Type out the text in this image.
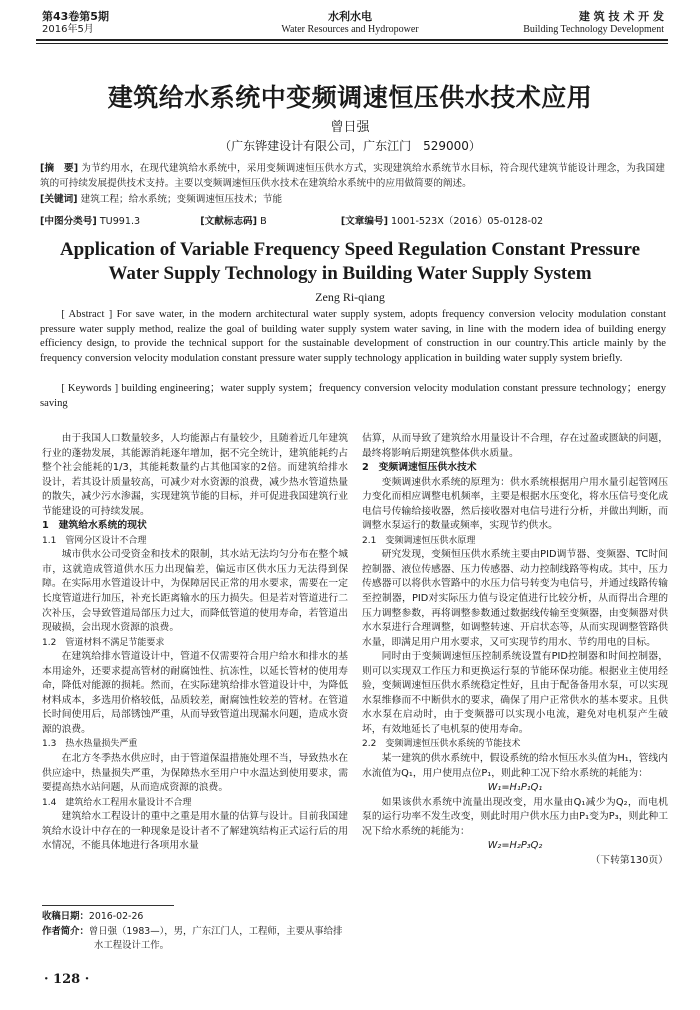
第43卷第5期
2016年5月
水利水电
Water Resources and Hydropower
建 筑 技 术 开 发
Building Technology Development
建筑给水系统中变频调速恒压供水技术应用
曾日强
（广东铧建设计有限公司，广东江门　529000）
[摘　要] 为节约用水，在现代建筑给水系统中，采用变频调速恒压供水方式，实现建筑给水系统节水目标，符合现代建筑节能设计理念，为我国建筑的可持续发展提供技术支持。主要以变频调速恒压供水技术在建筑给水系统中的应用做简要的阐述。
[关键词] 建筑工程；给水系统；变频调速恒压技术；节能
[中图分类号] TU991.3	[文献标志码] B	[文章编号] 1001-523X（2016）05-0128-02
Application of Variable Frequency Speed Regulation Constant Pressure Water Supply Technology in Building Water Supply System
Zeng Ri-qiang
[ Abstract ] For save water, in the modern architectural water supply system, adopts frequency conversion velocity modulation constant pressure water supply method, realize the goal of building water supply system water saving, in line with the modern idea of building energy efficiency design, to provide the technical support for the sustainable development of construction in our country.This article mainly by the frequency conversion velocity modulation constant pressure water supply technology application in building water supply system briefly.
[ Keywords ] building engineering；water supply system；frequency conversion velocity modulation constant pressure technology；energy saving

由于我国人口数量较多，人均能源占有量较少，且随着近几年建筑行业的蓬勃发展，其能源消耗逐年增加，据不完全统计，建筑能耗约占整个社会能耗的1/3，其能耗数量约占其他国家的2倍。而建筑给排水设计，若其设计质量较高，可减少对水资源的浪费，减少热水管道热量的散失，减少污水渗漏，实现建筑节能的目标，并可促进我国建筑行业节能建设的可持续发展。

1　建筑给水系统的现状
1.1　管网分区设计不合理

城市供水公司受资金和技术的限制，其水站无法均匀分布在整个城市，这就造成管道供水压力出现偏差，偏远市区供水压力无法得到保障。在实际用水管道设计中，为保障居民正常的用水要求，需要在一定长度管道进行加压，补充长距离输水的压力损失。但是若对管道进行二次补压，会导致管道局部压力过大，而降低管道的使用寿命，若管道出现破损，会出现水资源的浪费。

1.2　管道材料不满足节能要求

在建筑给排水管道设计中，管道不仅需要符合用户给水和排水的基本用途外，还要求提高管材的耐腐蚀性、抗冻性，以延长管材的使用寿命，降低对能源的损耗。然而，在实际建筑给排水管道设计中，为降低材料成本，多选用价格较低，品质较差，耐腐蚀性较差的管材。在管道长时间使用后，局部锈蚀严重，从而导致管道出现漏水问题，造成水资源的浪费。

1.3　热水热量损失严重

在北方冬季热水供应时，由于管道保温措施处理不当，导致热水在供应途中，热量损失严重，为保障热水至用户中水温达到使用要求，需要提高热水站问题，从而造成资源的浪费。

1.4　建筑给水工程用水量设计不合理

建筑给水工程设计的重中之重是用水量的估算与设计。目前我国建筑给水设计中存在的一种现象是设计者不了解建筑结构正式运行后的用水情况，不能具体地进行各项用水量

收稿日期：2016-02-26
作者简介：曾日强（1983—），男，广东江门人，工程师，主要从事给排水工程设计工作。
· 128 ·

估算，从而导致了建筑给水用量设计不合理，存在过盈或匮缺的问题，最终将影响后期建筑整体供水质量。

2　变频调速恒压供水技术

变频调速供水系统的原理为：供水系统根据用户用水量引起管网压力变化而相应调整电机频率，主要是根据水压变化，将水压信号变化成电信号传输给接收器，然后接收器对电信号进行分析，并做出判断，而调整水泵运行的数量或频率，实现节约供水。

2.1　变频调速恒压供水原理

研究发现，变频恒压供水系统主要由PID调节器、变频器、TC时间控制器、液位传感器、压力传感器、动力控制线路等构成。其中，压力传感器可以将供水管路中的水压力信号转变为电信号，并通过线路传输至控制器，PID对实际压力值与设定值进行比较分析，从而得出合理的压力调整参数，再将调整参数通过数据线传输至变频器，由变频器对供水水泵进行合理调整，如调整转速、开启状态等，从而实现调整管路供水量，即满足用户用水要求，又可实现节约用水、节约用电的目标。

同时由于变频调速恒压控制系统设置有PID控制器和时间控制器，则可以实现双工作压力和更换运行泵的节能环保功能。根据业主使用经验，变频调速恒压供水系统稳定性好，且由于配备备用水泵，可以实现水泵维修而不中断供水的要求，确保了用户正常供水的基本要求。且供水水泵在启动时，由于变频器可以实现小电流，避免对电机泵产生破坏，有效地延长了电机泵的使用寿命。

2.2　变频调速恒压供水系统的节能技术

某一建筑的供水系统中，假设系统的给水恒压水头值为H₁，管线内水流值为Q₁，用户使用点位P₁，则此种工况下给水系统的耗能为：

W₁=H₁P₁Q₁

如果该供水系统中流量出现改变，用水量由Q₁减少为Q₂，而电机泵的运行功率不发生改变，则此时用户供水压力由P₁变为P₃，则此种工况下给水系统的耗能为：

W₂=H₂P₃Q₂
（下转第130页）
